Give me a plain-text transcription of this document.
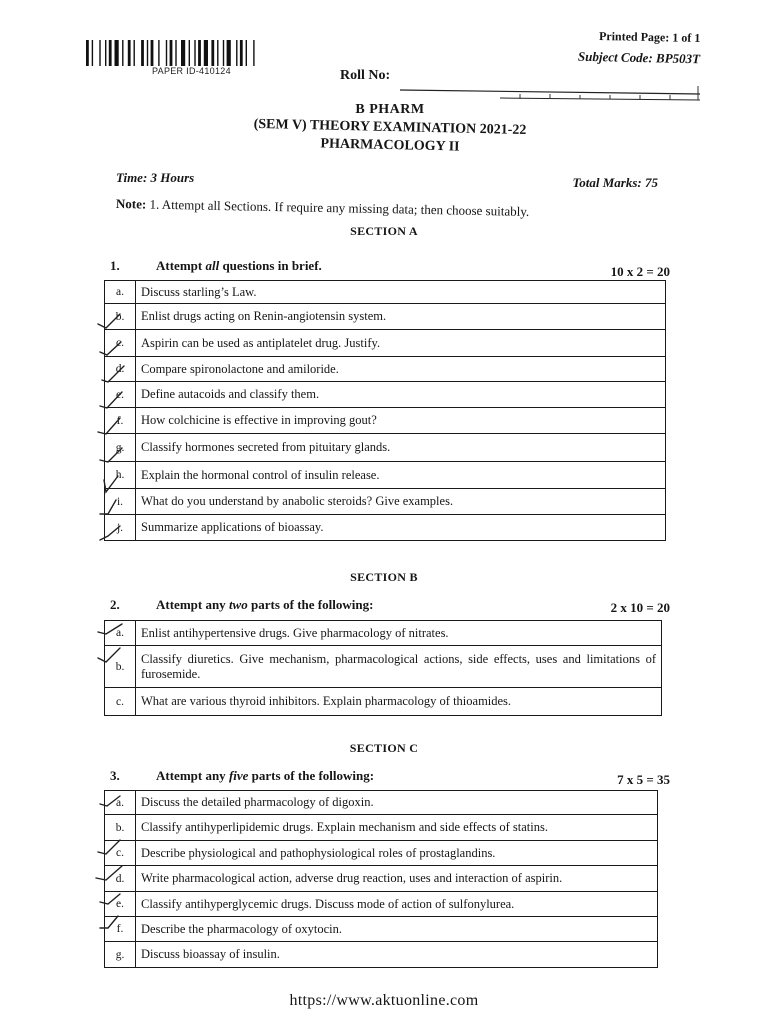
PAPER ID-410124
Printed Page: 1 of 1
Subject Code: BP503T
Roll No:
B PHARM
(SEM V) THEORY EXAMINATION 2021-22
PHARMACOLOGY II
Time: 3 Hours	Total Marks: 75
Note: 1. Attempt all Sections. If require any missing data; then choose suitably.
SECTION A
1.	Attempt all questions in brief.	10 x 2 = 20
a.	Discuss starling’s Law.
b.	Enlist drugs acting on Renin-angiotensin system.
c.	Aspirin can be used as antiplatelet drug. Justify.
d.	Compare spironolactone and amiloride.
e.	Define autacoids and classify them.
f.	How colchicine is effective in improving gout?
g.	Classify hormones secreted from pituitary glands.
h.	Explain the hormonal control of insulin release.
i.	What do you understand by anabolic steroids? Give examples.
j.	Summarize applications of bioassay.
SECTION B
2.	Attempt any two parts of the following:	2 x 10 = 20
a.	Enlist antihypertensive drugs. Give pharmacology of nitrates.
b.	Classify diuretics. Give mechanism, pharmacological actions, side effects, uses and limitations of furosemide.
c.	What are various thyroid inhibitors. Explain pharmacology of thioamides.
SECTION C
3.	Attempt any five parts of the following:	7 x 5 = 35
a.	Discuss the detailed pharmacology of digoxin.
b.	Classify antihyperlipidemic drugs. Explain mechanism and side effects of statins.
c.	Describe physiological and pathophysiological roles of prostaglandins.
d.	Write pharmacological action, adverse drug reaction, uses and interaction of aspirin.
e.	Classify antihyperglycemic drugs. Discuss mode of action of sulfonylurea.
f.	Describe the pharmacology of oxytocin.
g.	Discuss bioassay of insulin.
https://www.aktuonline.com
